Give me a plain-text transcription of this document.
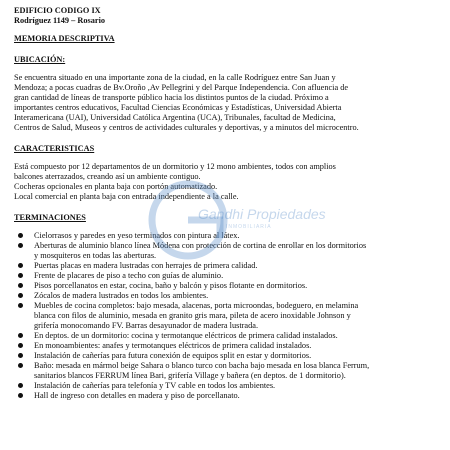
EDIFICIO CODIGO IX
Rodríguez 1149 – Rosario
MEMORIA DESCRIPTIVA
UBICACIÓN:
Se encuentra situado en una importante zona de la ciudad, en la calle Rodríguez entre San Juan y
Mendoza; a pocas cuadras de Bv.Oroño ,Av Pellegrini y del Parque Independencia. Con afluencia de
gran cantidad de líneas de transporte público hacia los distintos puntos de la ciudad. Próximo a
importantes centros educativos, Facultad Ciencias Económicas y Estadísticas, Universidad Abierta
Interamericana (UAI), Universidad Católica Argentina (UCA), Tribunales, facultad de Medicina,
Centros de Salud, Museos y centros de actividades culturales y deportivas, y a minutos del microcentro.
CARACTERISTICAS
Está compuesto por 12 departamentos de un dormitorio y 12 mono ambientes, todos con amplios
balcones aterrazados, creando así un ambiente contiguo.
Cocheras opcionales en planta baja con portón automatizado.
Local comercial en planta baja con entrada independiente a la calle.
TERMINACIONES
Cielorrasos y paredes en yeso terminados con pintura al látex.
Aberturas de aluminio blanco línea Módena con protección de cortina de enrollar en los dormitorios
y mosquiteros en todas las aberturas.
Puertas placas en madera lustradas con herrajes de primera calidad.
Frente de placares de piso a techo con guías de aluminio.
Pisos porcellanatos en estar, cocina, baño y balcón y pisos flotante en dormitorios.
Zócalos de madera lustrados en todos los ambientes.
Muebles de cocina completos: bajo mesada, alacenas, porta microondas, bodeguero, en melamina
blanca con filos de aluminio, mesada en granito gris mara, pileta de acero inoxidable Johnson y
grifería monocomando FV. Barras desayunador de madera lustrada.
En deptos. de un dormitorio: cocina y termotanque eléctricos de primera calidad instalados.
En monoambientes: anafes y termotanques eléctricos de primera calidad instalados.
Instalación de cañerías para futura conexión de equipos split en estar y dormitorios.
Baño: mesada en mármol beige Sahara o blanco turco con bacha bajo mesada en losa blanca Ferrum,
sanitarios blancos FERRUM línea Bari, grifería Village y bañera (en deptos. de 1 dormitorio).
Instalación de cañerías para telefonía y TV cable en todos los ambientes.
Hall de ingreso con detalles en madera y piso de porcellanato.
Gandhi Propiedades
INMOBILIARIA
